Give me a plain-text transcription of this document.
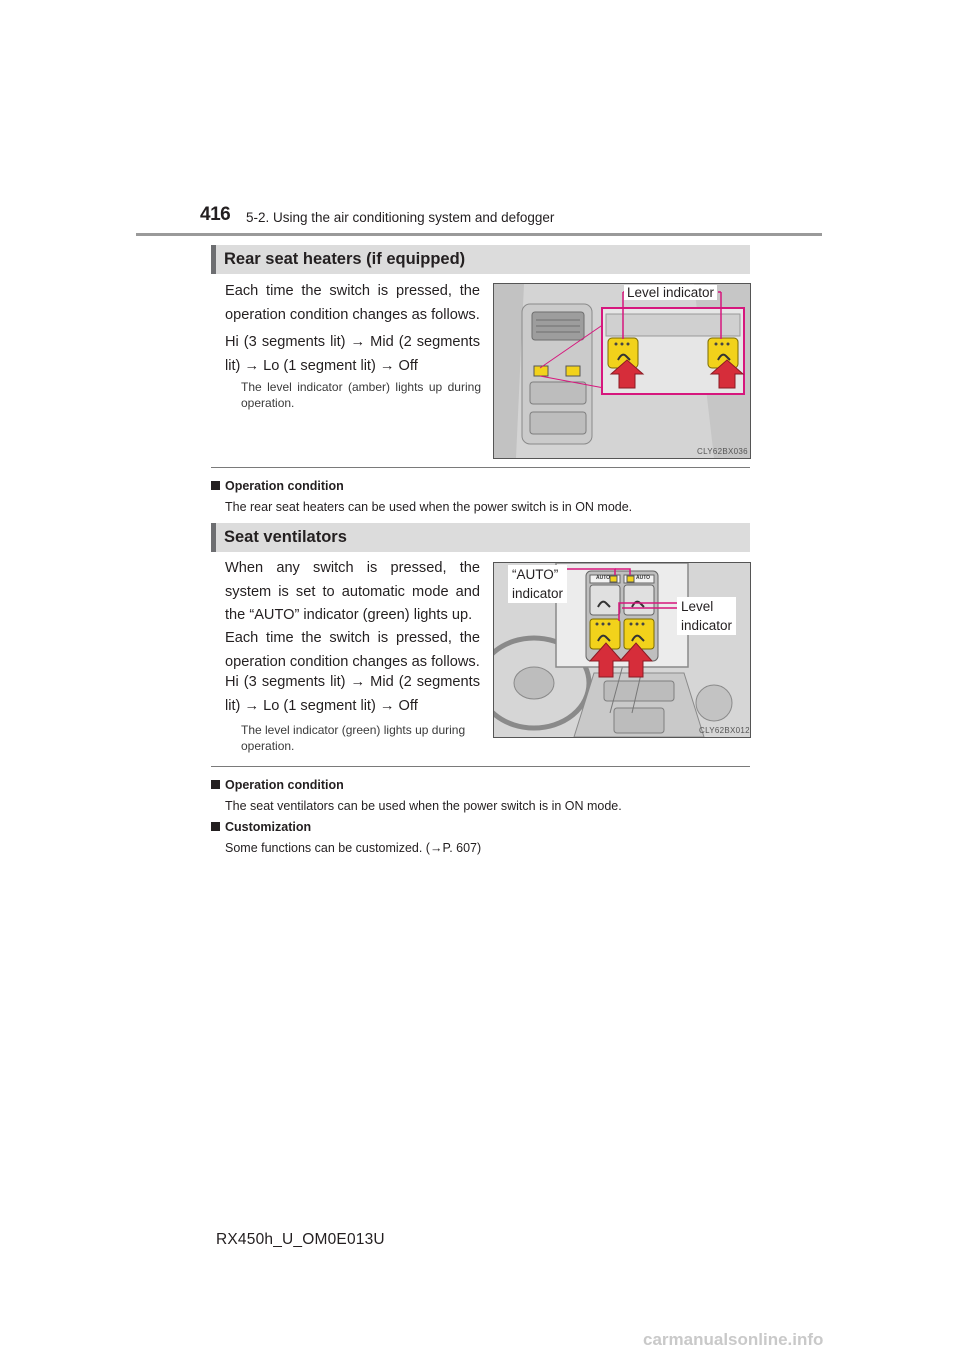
416 5-2. Using the air conditioning system and defogger
Rear seat heaters (if equipped)
Each time the switch is pressed, the operation condition changes as follows.
Hi (3 segments lit) → Mid (2 segments lit) → Lo (1 segment lit) → Off
The level indicator (amber) lights up during operation.
Level indicator
CLY62BX036
Operation condition
The rear seat heaters can be used when the power switch is in ON mode.
Seat ventilators
When any switch is pressed, the system is set to automatic mode and the “AUTO” indicator (green) lights up.
Each time the switch is pressed, the operation condition changes as follows.
Hi (3 segments lit) → Mid (2 segments lit) → Lo (1 segment lit) → Off
The level indicator (green) lights up during operation.
“AUTO”
indicator
Level
indicator
AUTO	AUTO
CLY62BX012
Operation condition
The seat ventilators can be used when the power switch is in ON mode.
Customization
Some functions can be customized. (→P. 607)
RX450h_U_OM0E013U
carmanualsonline.info
